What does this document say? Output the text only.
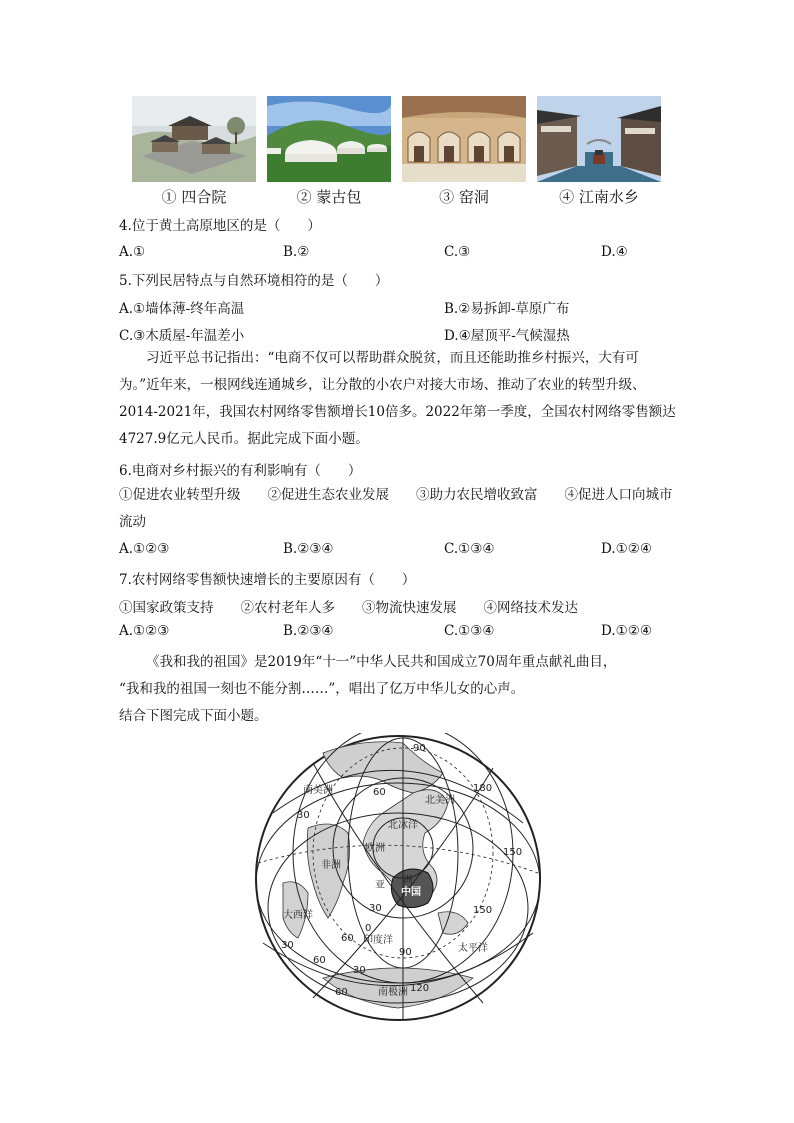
① 四合院	② 蒙古包	③ 窑洞	④ 江南水乡
4.位于黄土高原地区的是（　　）
A.①	B.②	C.③	D.④
5.下列民居特点与自然环境相符的是（　　）
A.①墙体薄-终年高温	B.②易拆卸-草原广布
C.③木质屋-年温差小	D.④屋顶平-气候湿热

习近平总书记指出：“电商不仅可以帮助群众脱贫，而且还能助推乡村振兴，大有可为。”近年来，一根网线连通城乡，让分散的小农户对接大市场、推动了农业的转型升级、2014-2021年，我国农村网络零售额增长10倍多。2022年第一季度，全国农村网络零售额达4727.9亿元人民币。据此完成下面小题。

6.电商对乡村振兴的有利影响有（　　）

①促进农业转型升级　　②促进生态农业发展　　③助力农民增收致富　　④促进人口向城市流动

A.①②③	B.②③④	C.①③④	D.①②④
7.农村网络零售额快速增长的主要原因有（　　）
①国家政策支持　　②农村老年人多　　③物流快速发展　　④网络技术发达
A.①②③	B.②③④	C.①③④	D.①②④
《我和我的祖国》是2019年“十一”中华人民共和国成立70周年重点献礼曲目，
“我和我的祖国一刻也不能分割……”，唱出了亿万中华儿女的心声。
结合下图完成下面小题。
北美洲
亚 洲
中国
南极洲
南美洲
欧洲
非洲
印度洋
太平洋
北冰洋
大西洋
90
60
30
0
30
60
90
120
150
180
30
60
30
60
150
